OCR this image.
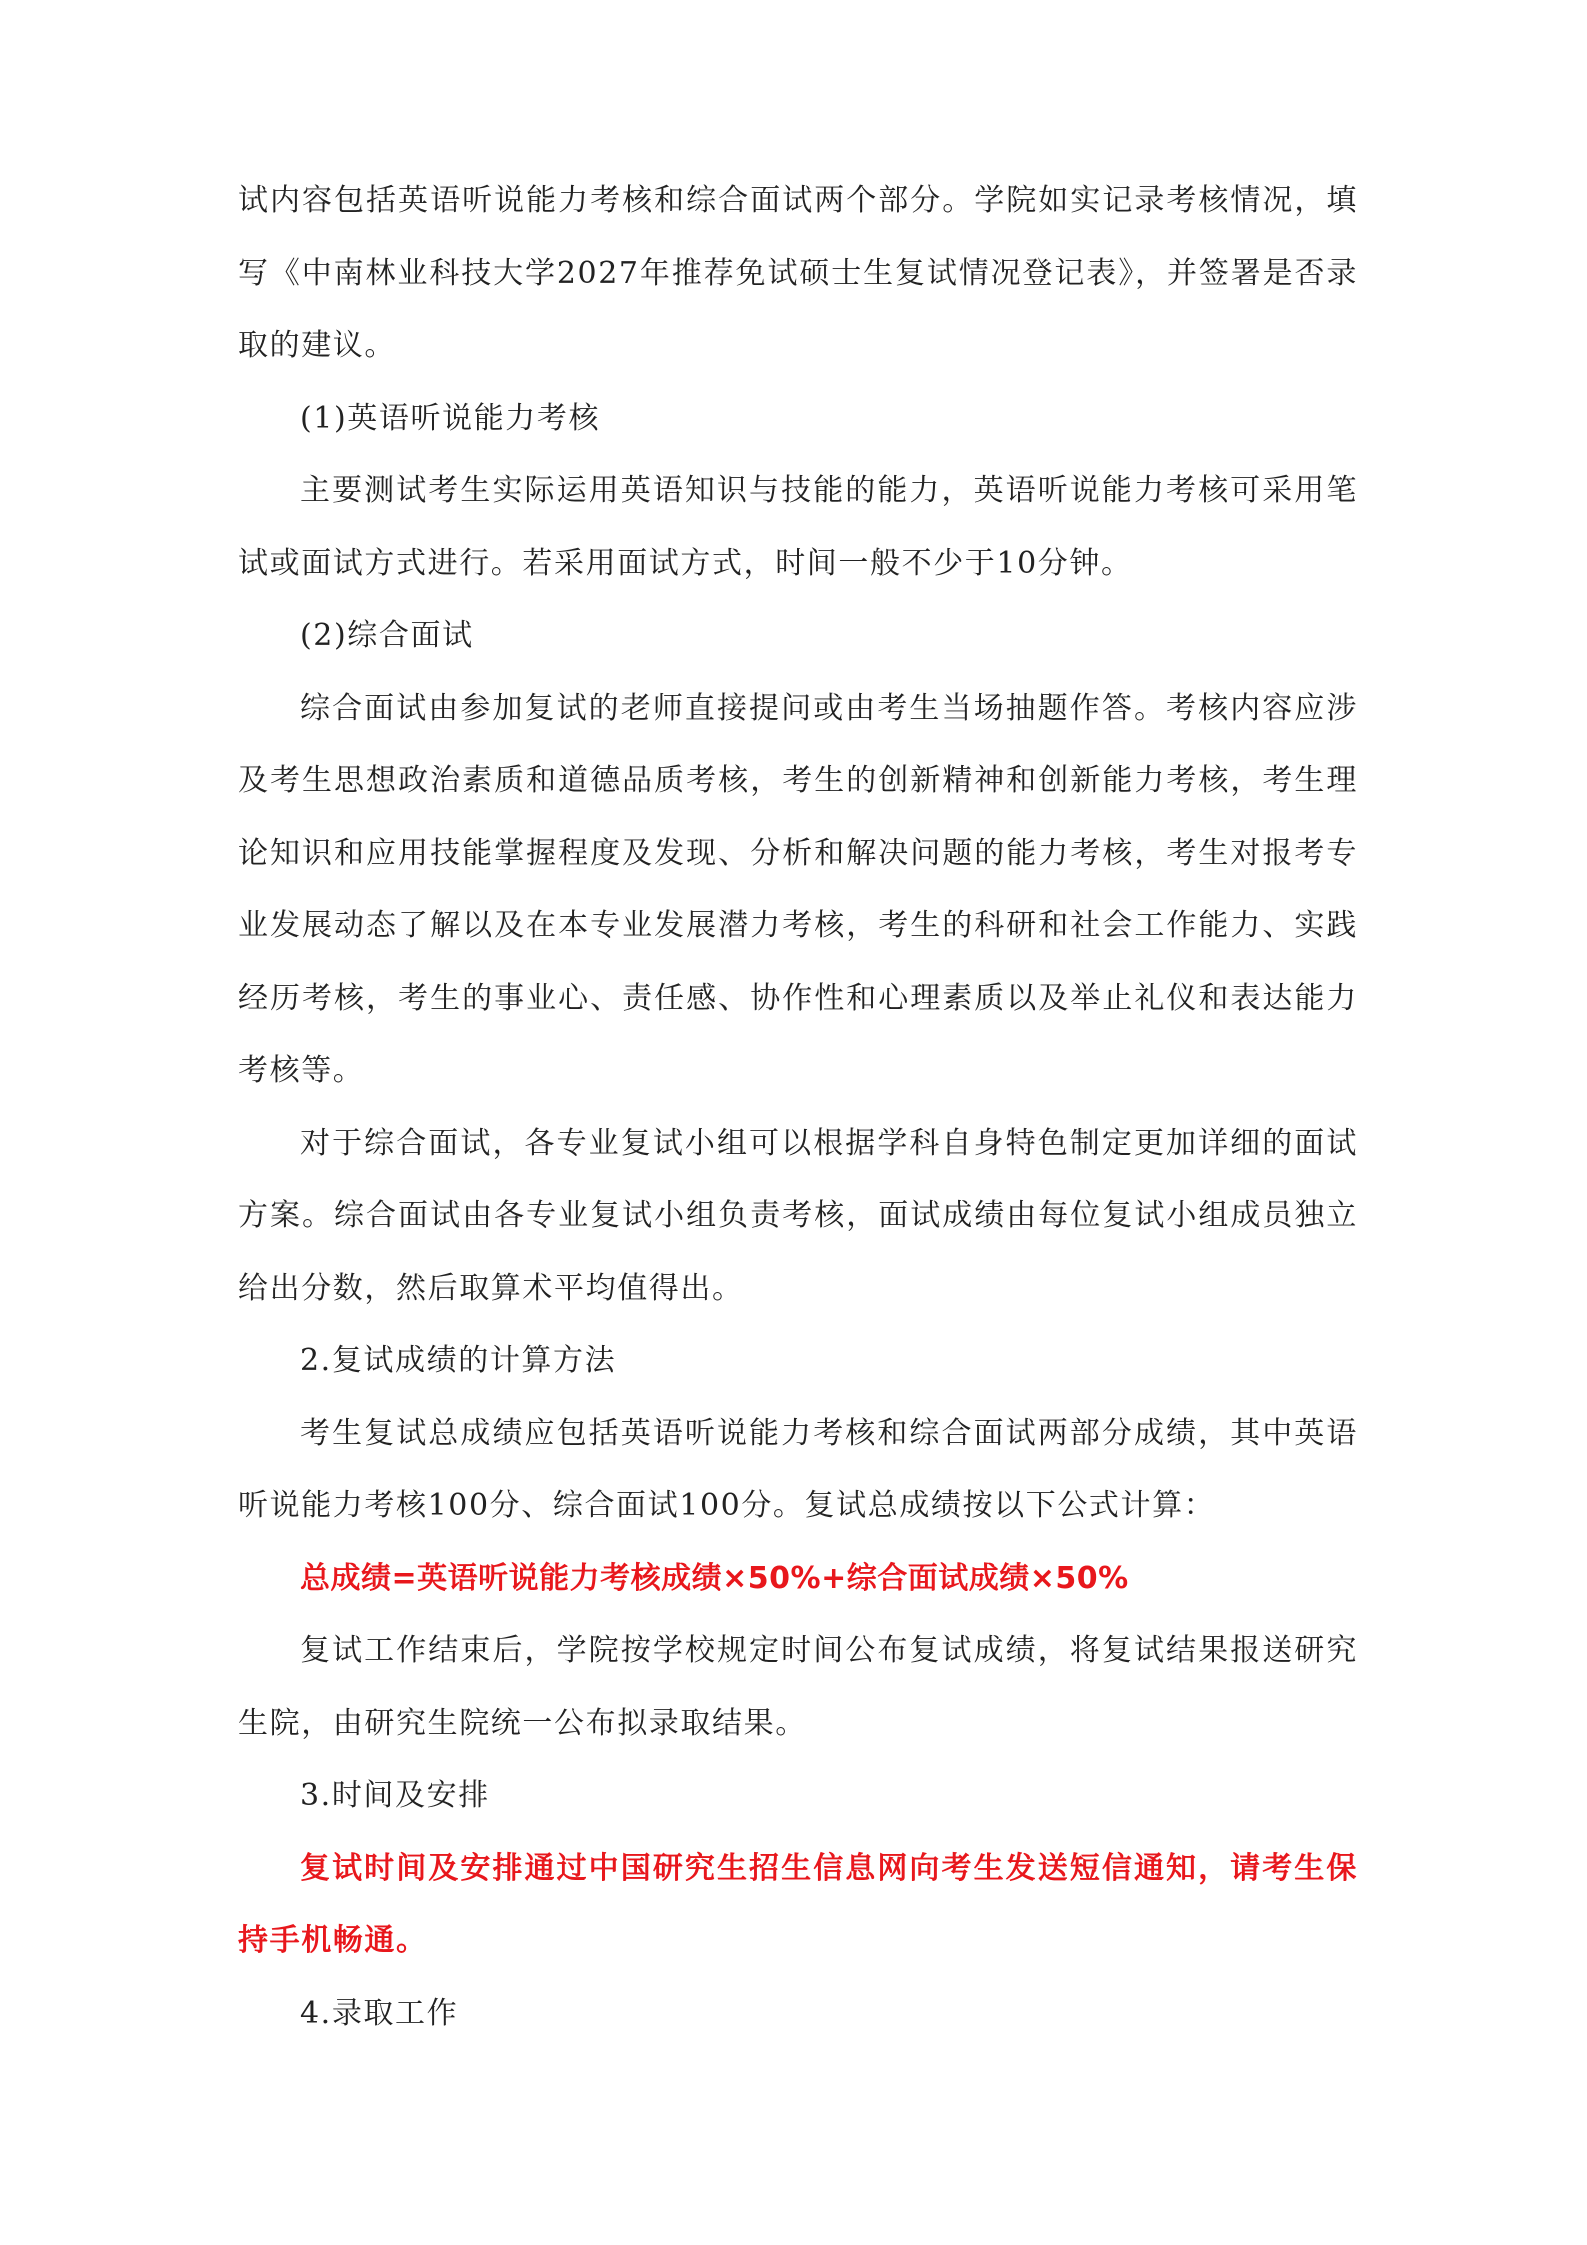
试内容包括英语听说能力考核和综合面试两个部分。学院如实记录考核情况，填写《中南林业科技大学2027年推荐免试硕士生复试情况登记表》，并签署是否录取的建议。

(1)英语听说能力考核

主要测试考生实际运用英语知识与技能的能力，英语听说能力考核可采用笔试或面试方式进行。若采用面试方式，时间一般不少于10分钟。

(2)综合面试

综合面试由参加复试的老师直接提问或由考生当场抽题作答。考核内容应涉及考生思想政治素质和道德品质考核，考生的创新精神和创新能力考核，考生理论知识和应用技能掌握程度及发现、分析和解决问题的能力考核，考生对报考专业发展动态了解以及在本专业发展潜力考核，考生的科研和社会工作能力、实践经历考核，考生的事业心、责任感、协作性和心理素质以及举止礼仪和表达能力考核等。

对于综合面试，各专业复试小组可以根据学科自身特色制定更加详细的面试方案。综合面试由各专业复试小组负责考核，面试成绩由每位复试小组成员独立给出分数，然后取算术平均值得出。

2.复试成绩的计算方法

考生复试总成绩应包括英语听说能力考核和综合面试两部分成绩，其中英语听说能力考核100分、综合面试100分。复试总成绩按以下公式计算：

总成绩=英语听说能力考核成绩×50%+综合面试成绩×50%

复试工作结束后，学院按学校规定时间公布复试成绩，将复试结果报送研究生院，由研究生院统一公布拟录取结果。

3.时间及安排

复试时间及安排通过中国研究生招生信息网向考生发送短信通知，请考生保持手机畅通。

4.录取工作
